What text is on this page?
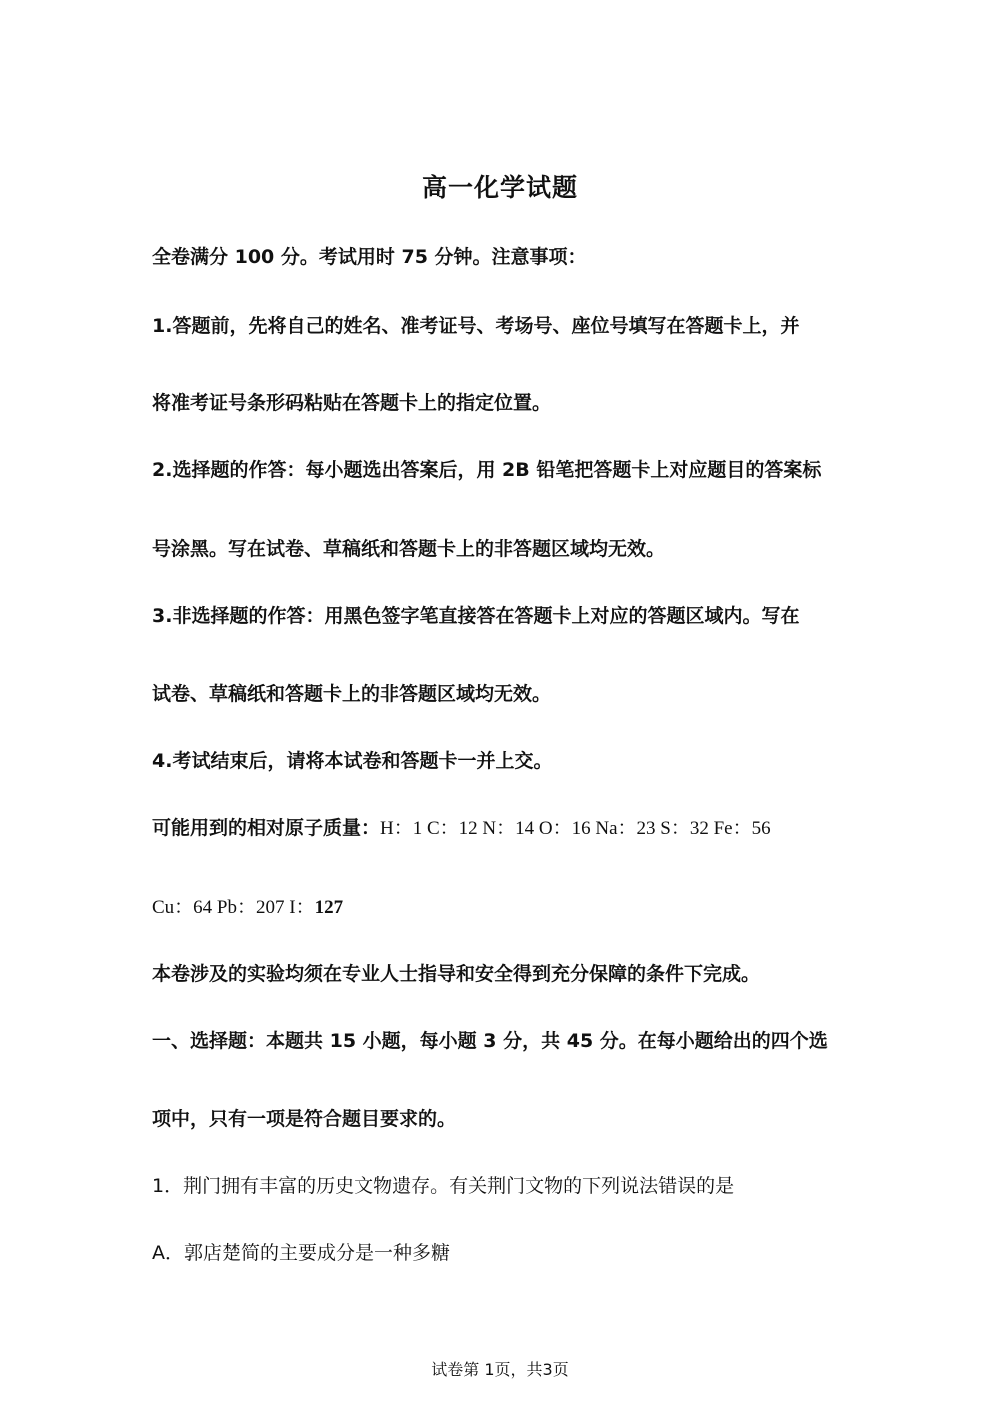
高一化学试题
全卷满分 100 分。考试用时 75 分钟。注意事项：
1.答题前，先将自己的姓名、准考证号、考场号、座位号填写在答题卡上，并
将准考证号条形码粘贴在答题卡上的指定位置。
2.选择题的作答：每小题选出答案后，用 2B 铅笔把答题卡上对应题目的答案标
号涂黑。写在试卷、草稿纸和答题卡上的非答题区域均无效。
3.非选择题的作答：用黑色签字笔直接答在答题卡上对应的答题区域内。写在
试卷、草稿纸和答题卡上的非答题区域均无效。
4.考试结束后，请将本试卷和答题卡一并上交。
可能用到的相对原子质量：H：1 C：12 N：14 O：16 Na：23 S：32 Fe：56
Cu：64 Pb：207 I：127
本卷涉及的实验均须在专业人士指导和安全得到充分保障的条件下完成。
一、选择题：本题共 15 小题，每小题 3 分，共 45 分。在每小题给出的四个选
项中，只有一项是符合题目要求的。
1．荆门拥有丰富的历史文物遗存。有关荆门文物的下列说法错误的是
A．郭店楚简的主要成分是一种多糖
试卷第 1页，共3页
